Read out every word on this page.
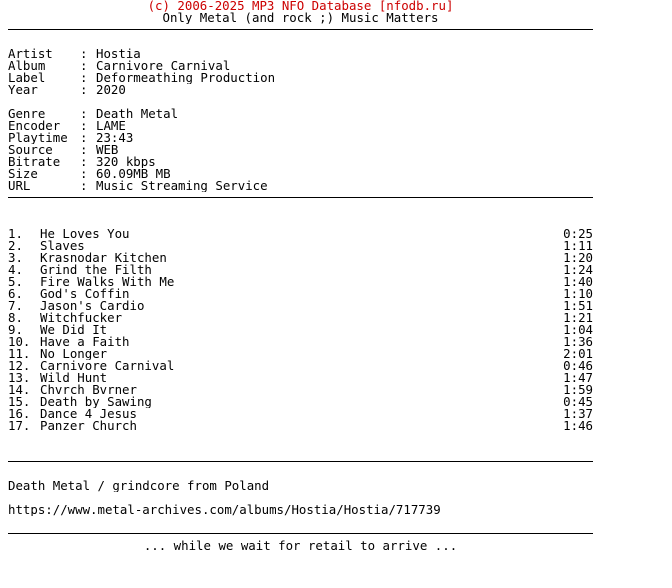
(c) 2006-2025 MP3 NFO Database [nfodb.ru]
Only Metal (and rock ;) Music Matters
Artist	: Hostia
Album	: Carnivore Carnival
Label	: Deformeathing Production
Year	: 2020
Genre	: Death Metal
Encoder	: LAME
Playtime : 23:43
Source	: WEB
Bitrate	: 320 kbps
Size	: 60.09MB MB
URL	: Music Streaming Service
1.	He Loves You	0:25
2.	Slaves	1:11
3.	Krasnodar Kitchen	1:20
4.	Grind the Filth	1:24
5.	Fire Walks With Me	1:40
6.	God's Coffin	1:10
7.	Jason's Cardio	1:51
8.	Witchfucker	1:21
9.	We Did It	1:04
10. Have a Faith	1:36
11. No Longer	2:01
12. Carnivore Carnival	0:46
13. Wild Hunt	1:47
14. Chvrch Bvrner	1:59
15. Death by Sawing	0:45
16. Dance 4 Jesus	1:37
17. Panzer Church	1:46
Death Metal / grindcore from Poland
https://www.metal-archives.com/albums/Hostia/Hostia/717739
... while we wait for retail to arrive ...
